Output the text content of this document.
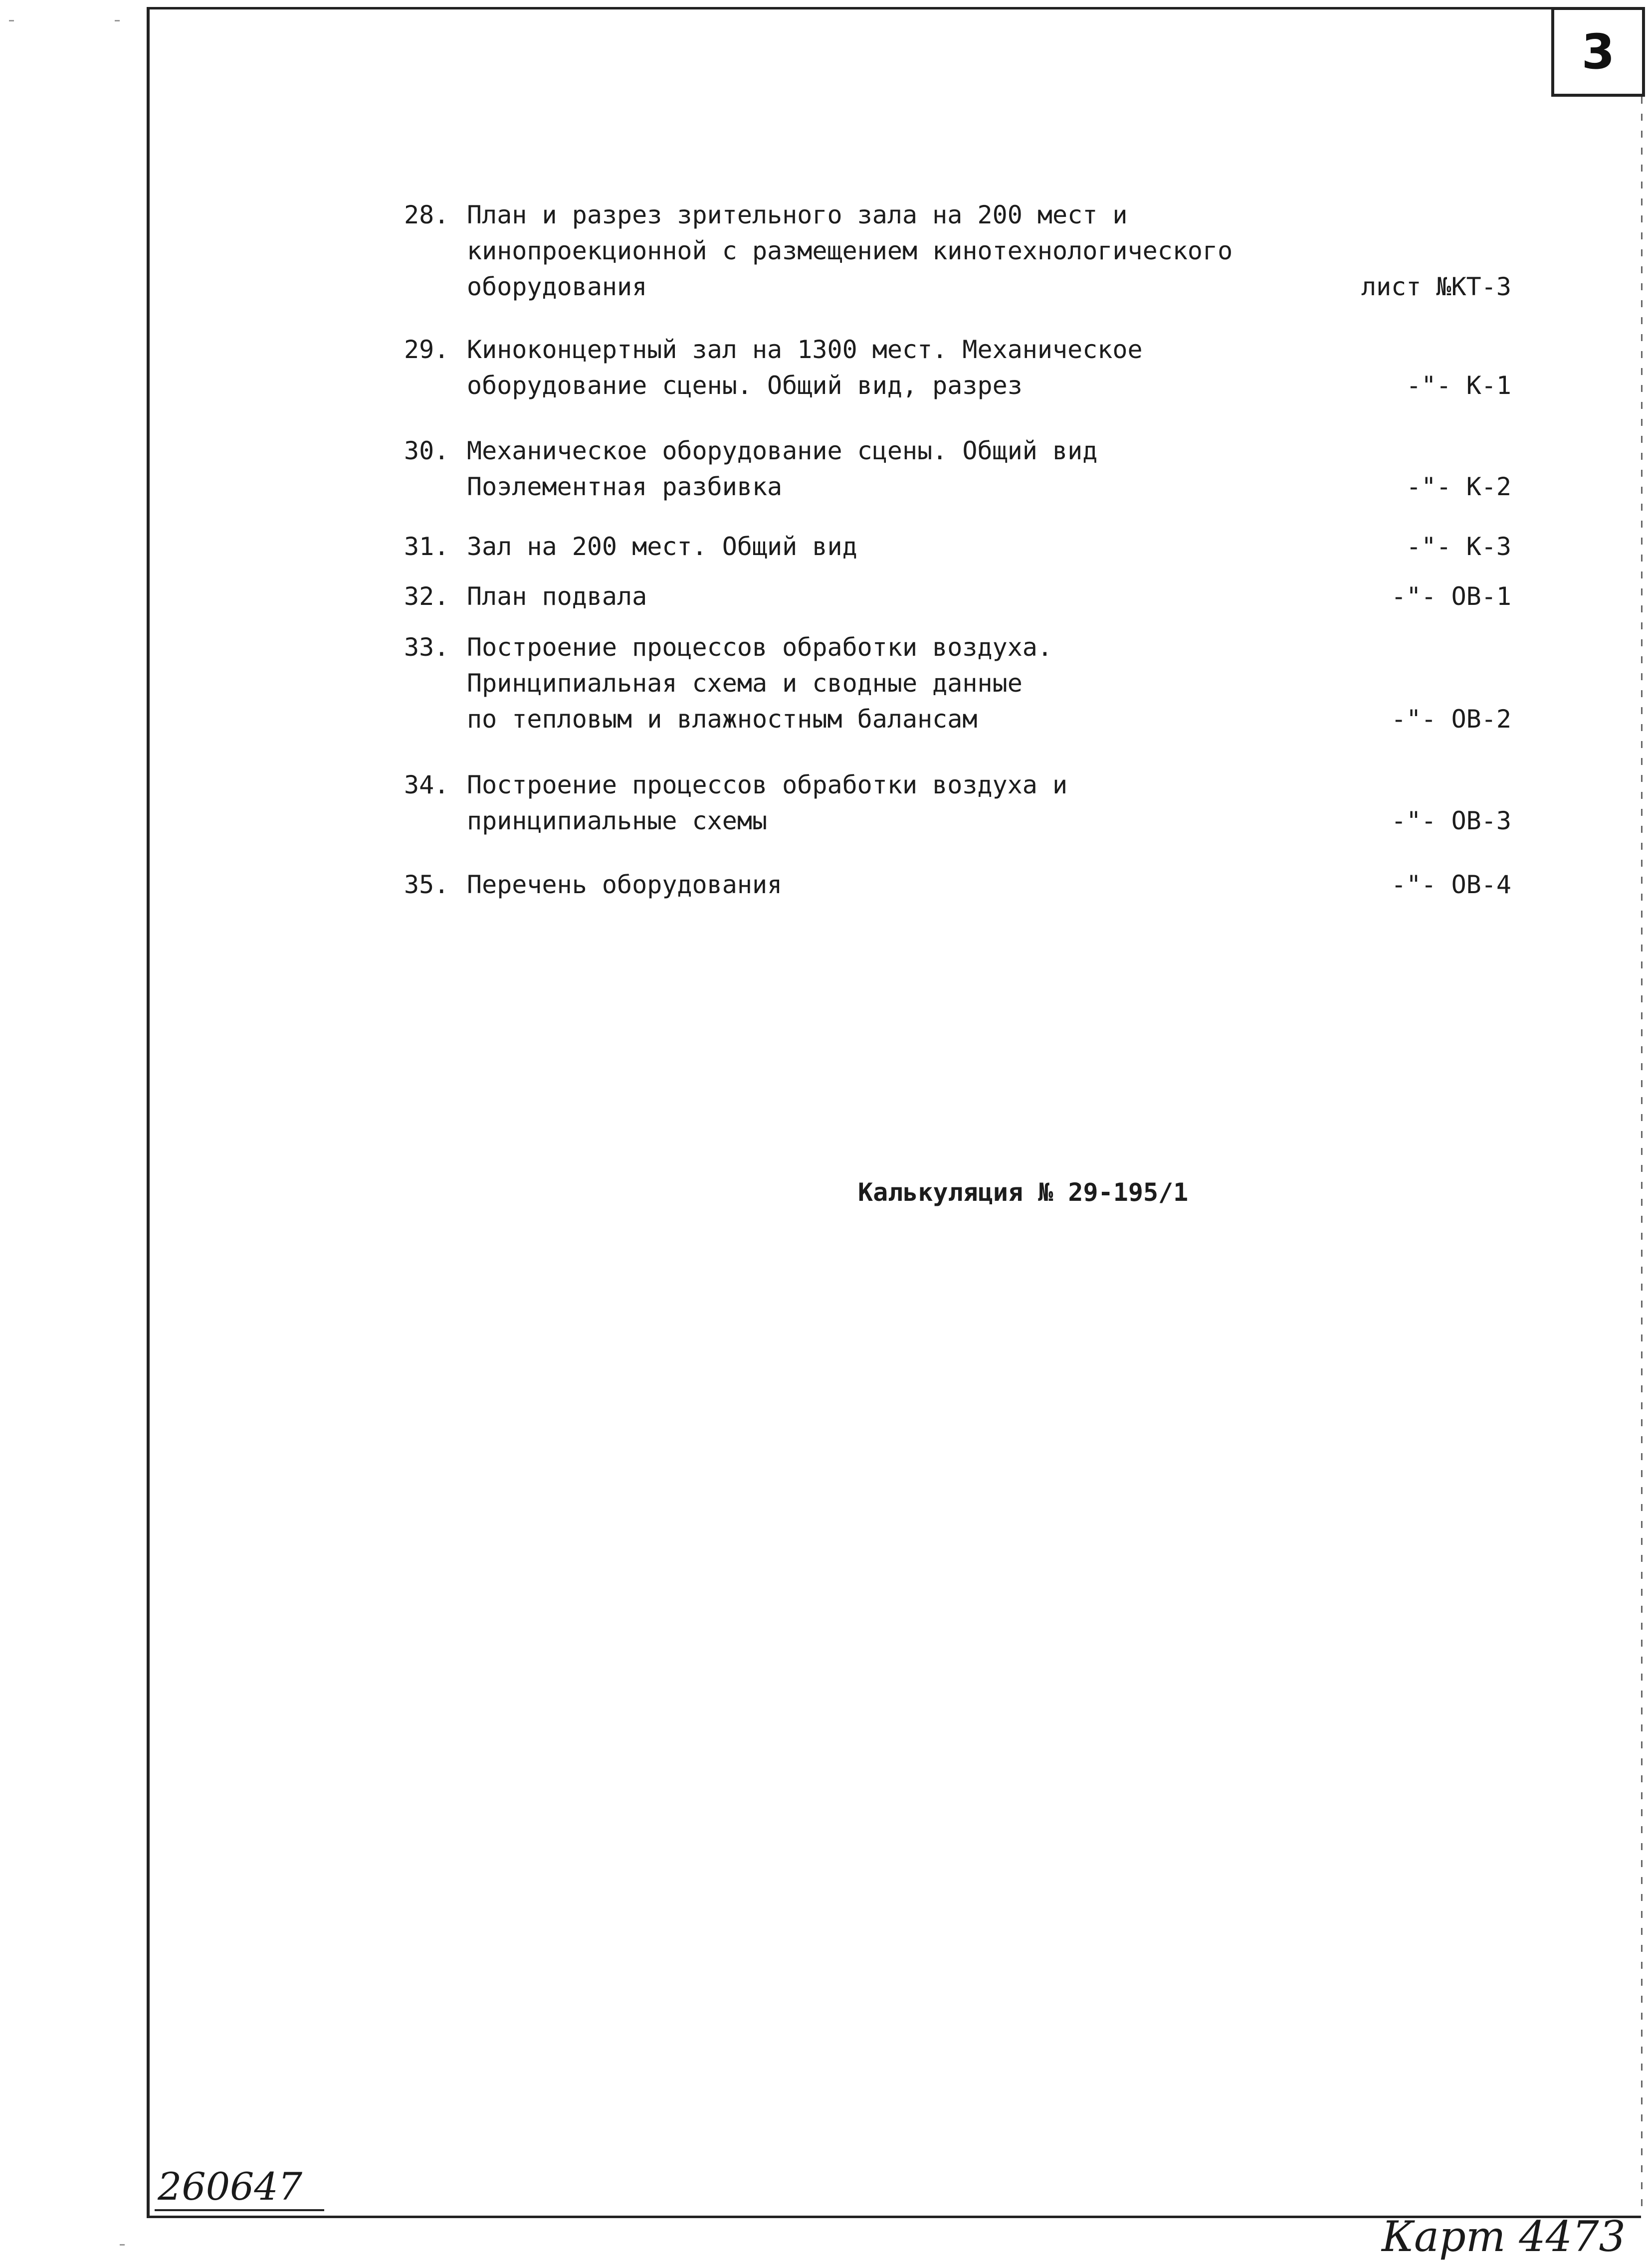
3
28. План и разрез зрительного зала на 200 мест и
кинопроекционной с размещением кинотехнологического
оборудования	лист №КТ-3
29. Киноконцертный зал на 1300 мест. Механическое
оборудование сцены. Общий вид, разрез	-"- К-1
30. Механическое оборудование сцены. Общий вид
Поэлементная разбивка	-"- К-2
31. Зал на 200 мест. Общий вид	-"- К-3
32. План подвала	-"- ОВ-1
33. Построение процессов обработки воздуха.
Принципиальная схема и сводные данные
по тепловым и влажностным балансам	-"- ОВ-2
34. Построение процессов обработки воздуха и
принципиальные схемы	-"- ОВ-3
35. Перечень оборудования	-"- ОВ-4
Калькуляция № 29-195/1
260647
Карт 4473
